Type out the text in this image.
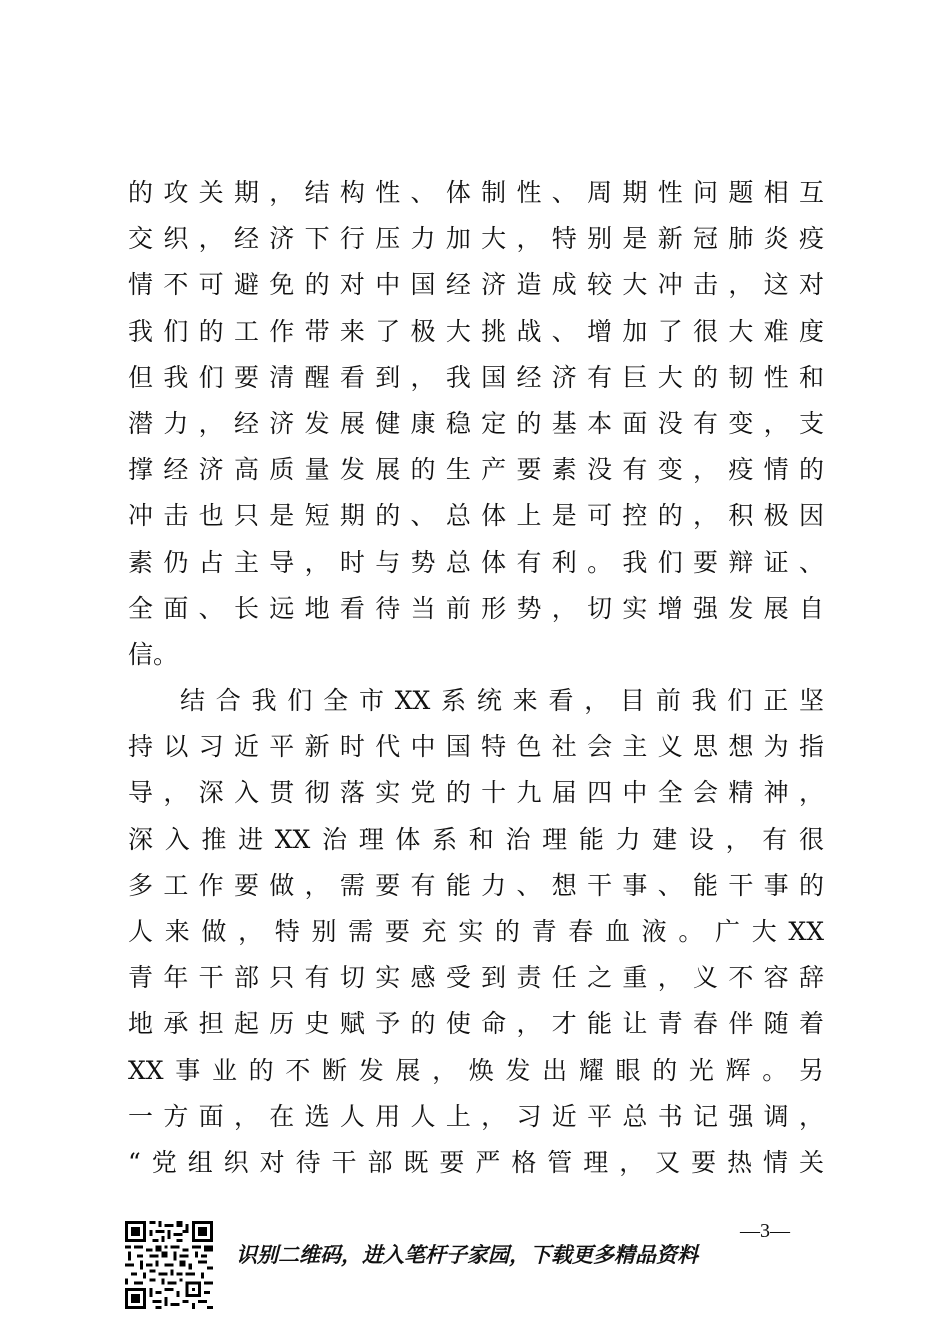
的攻关期，结构性、体制性、周期性问题相互
交织，经济下行压力加大，特别是新冠肺炎疫
情不可避免的对中国经济造成较大冲击，这对
我们的工作带来了极大挑战、增加了很大难度
但我们要清醒看到，我国经济有巨大的韧性和
潜力，经济发展健康稳定的基本面没有变，支
撑经济高质量发展的生产要素没有变，疫情的
冲击也只是短期的、总体上是可控的，积极因
素仍占主导，时与势总体有利。我们要辩证、
全面、长远地看待当前形势，切实增强发展自
信。
结合我们全市XX系统来看，目前我们正坚
持以习近平新时代中国特色社会主义思想为指
导，深入贯彻落实党的十九届四中全会精神，
深入推进XX治理体系和治理能力建设，有很
多工作要做，需要有能力、想干事、能干事的
人来做，特别需要充实的青春血液。广大XX
青年干部只有切实感受到责任之重，义不容辞
地承担起历史赋予的使命，才能让青春伴随着
XX事业的不断发展，焕发出耀眼的光辉。另
一方面，在选人用人上，习近平总书记强调，
“党组织对待干部既要严格管理，又要热情关
识别二维码，进入笔杆子家园，下载更多精品资料
—3—
